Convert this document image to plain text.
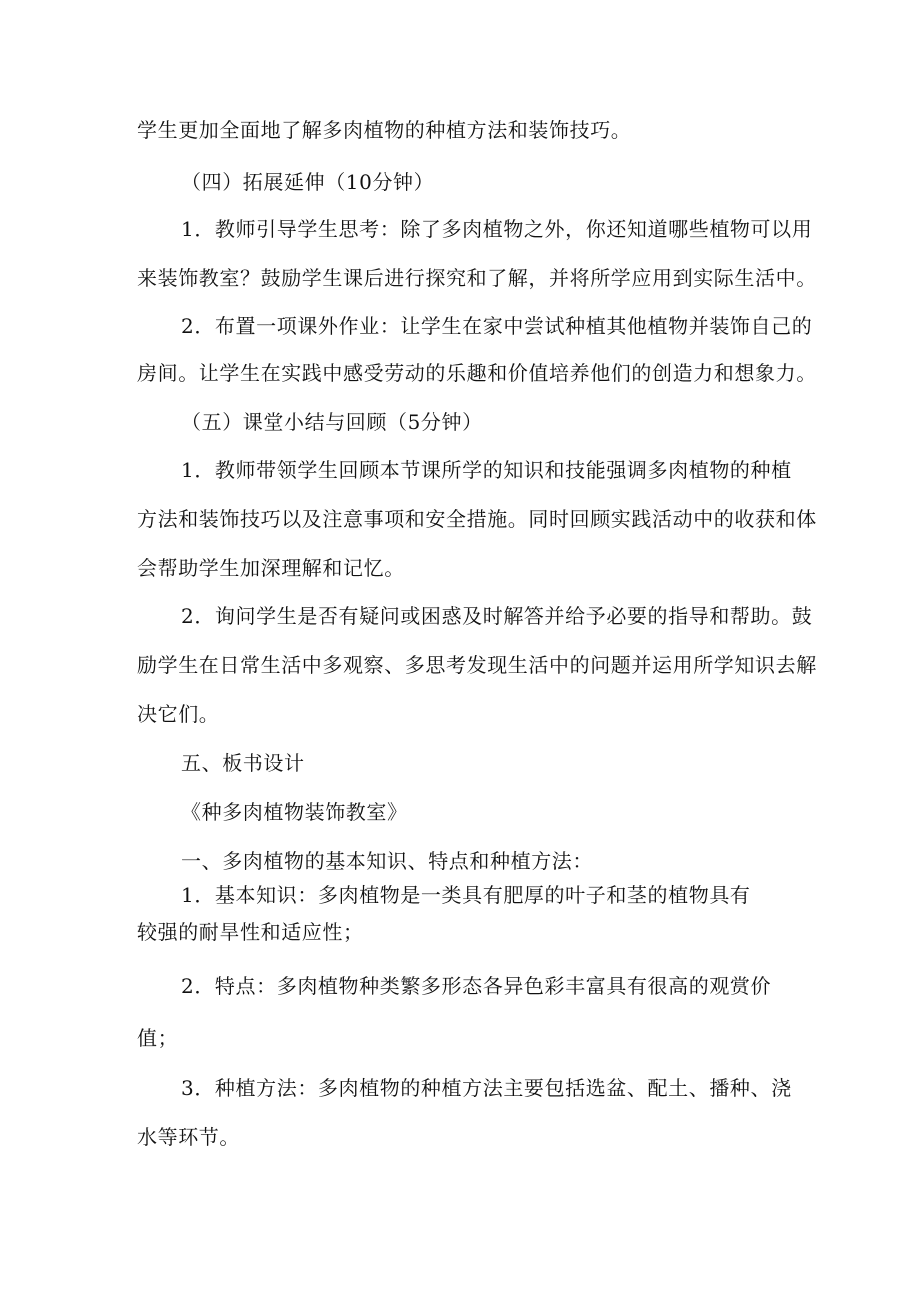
学生更加全面地了解多肉植物的种植方法和装饰技巧。
（四）拓展延伸（10分钟）
1．教师引导学生思考：除了多肉植物之外，你还知道哪些植物可以用
来装饰教室？鼓励学生课后进行探究和了解，并将所学应用到实际生活中。
2．布置一项课外作业：让学生在家中尝试种植其他植物并装饰自己的
房间。让学生在实践中感受劳动的乐趣和价值培养他们的创造力和想象力。
（五）课堂小结与回顾（5分钟）
1．教师带领学生回顾本节课所学的知识和技能强调多肉植物的种植
方法和装饰技巧以及注意事项和安全措施。同时回顾实践活动中的收获和体
会帮助学生加深理解和记忆。
2．询问学生是否有疑问或困惑及时解答并给予必要的指导和帮助。鼓
励学生在日常生活中多观察、多思考发现生活中的问题并运用所学知识去解
决它们。
五、板书设计
《种多肉植物装饰教室》
一、多肉植物的基本知识、特点和种植方法：
1．基本知识：多肉植物是一类具有肥厚的叶子和茎的植物具有
较强的耐旱性和适应性；
2．特点：多肉植物种类繁多形态各异色彩丰富具有很高的观赏价
值；
3．种植方法：多肉植物的种植方法主要包括选盆、配土、播种、浇
水等环节。
